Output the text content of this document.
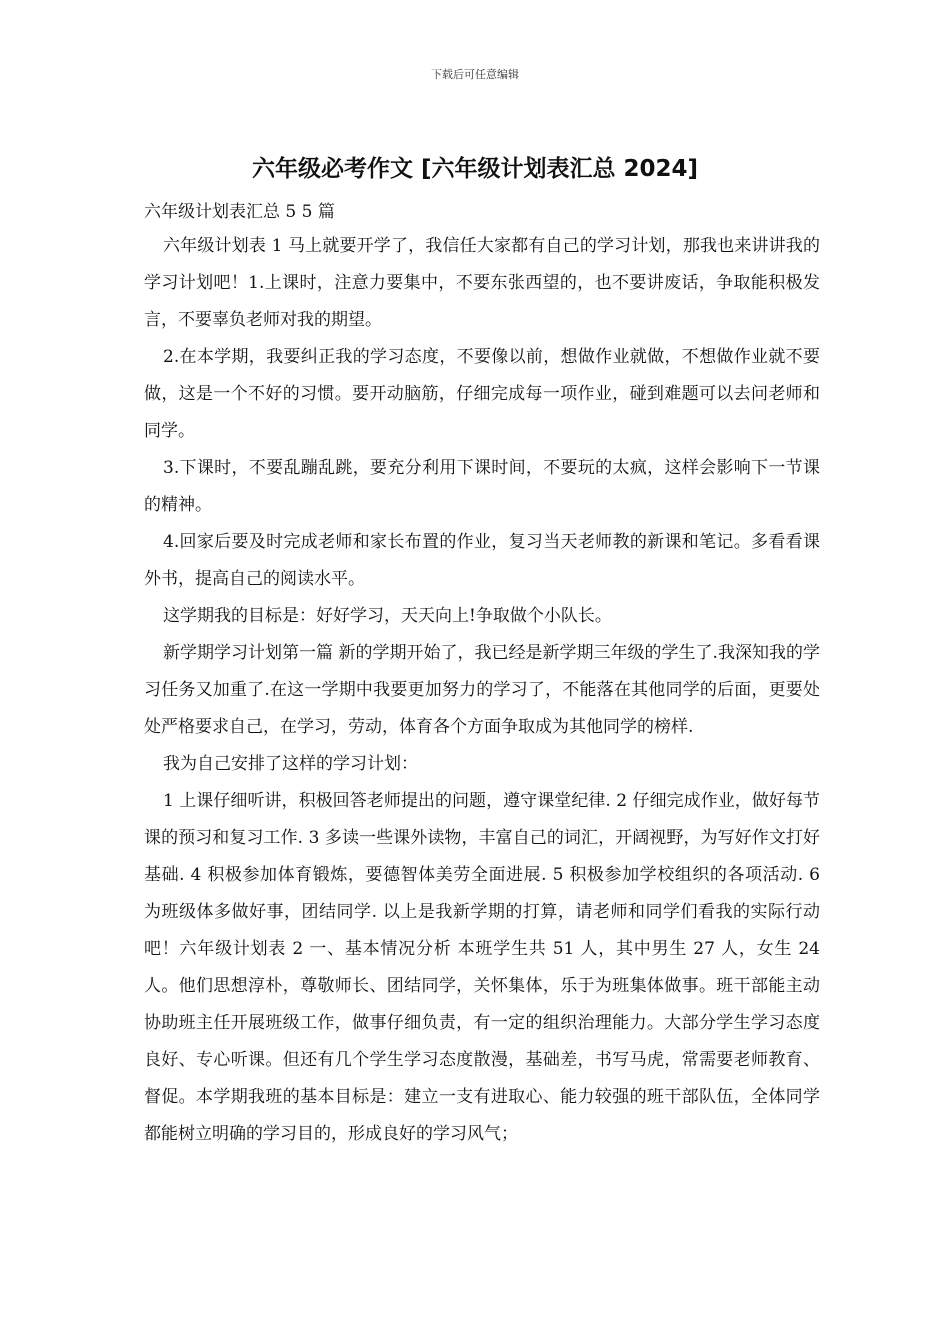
下载后可任意编辑
六年级必考作文 [六年级计划表汇总 2024]

六年级计划表汇总 5 5 篇

六年级计划表 1 马上就要开学了，我信任大家都有自己的学习计划，那我也来讲讲我的学习计划吧！1.上课时，注意力要集中，不要东张西望的，也不要讲废话，争取能积极发言，不要辜负老师对我的期望。

2.在本学期，我要纠正我的学习态度，不要像以前，想做作业就做，不想做作业就不要做，这是一个不好的习惯。要开动脑筋，仔细完成每一项作业，碰到难题可以去问老师和同学。

3.下课时，不要乱蹦乱跳，要充分利用下课时间，不要玩的太疯，这样会影响下一节课的精神。

4.回家后要及时完成老师和家长布置的作业，复习当天老师教的新课和笔记。多看看课外书，提高自己的阅读水平。

这学期我的目标是：好好学习，天天向上!争取做个小队长。

新学期学习计划第一篇 新的学期开始了，我已经是新学期三年级的学生了.我深知我的学习任务又加重了.在这一学期中我要更加努力的学习了，不能落在其他同学的后面，更要处处严格要求自己，在学习，劳动，体育各个方面争取成为其他同学的榜样.

我为自己安排了这样的学习计划：

1 上课仔细听讲，积极回答老师提出的问题，遵守课堂纪律. 2 仔细完成作业，做好每节课的预习和复习工作. 3 多读一些课外读物，丰富自己的词汇，开阔视野，为写好作文打好基础. 4 积极参加体育锻炼，要德智体美劳全面进展. 5 积极参加学校组织的各项活动. 6 为班级体多做好事，团结同学. 以上是我新学期的打算，请老师和同学们看我的实际行动吧！六年级计划表 2 一、基本情况分析 本班学生共 51 人，其中男生 27 人，女生 24 人。他们思想淳朴，尊敬师长、团结同学，关怀集体，乐于为班集体做事。班干部能主动协助班主任开展班级工作，做事仔细负责，有一定的组织治理能力。大部分学生学习态度良好、专心听课。但还有几个学生学习态度散漫，基础差，书写马虎，常需要老师教育、督促。本学期我班的基本目标是：建立一支有进取心、能力较强的班干部队伍，全体同学都能树立明确的学习目的，形成良好的学习风气；
